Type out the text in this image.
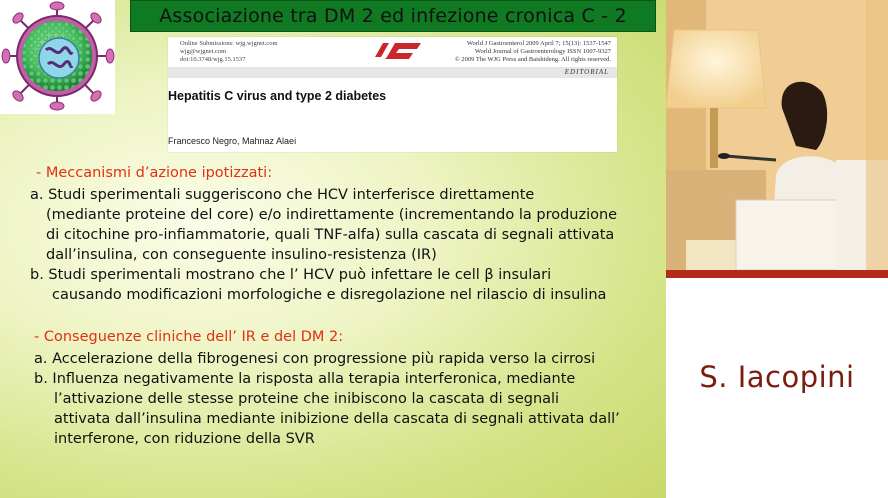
Associazione tra DM 2 ed infezione cronica C - 2
Online Submissions: wjg.wjgnet.com
wjg@wjgnet.com
doi:10.3748/wjg.15.1537
World J Gastroenterol 2009 April 7; 15(13): 1537-1547
World Journal of Gastroenterology ISSN 1007-9327
© 2009 The WJG Press and Baishideng. All rights reserved.
EDITORIAL
Hepatitis C virus and type 2 diabetes
Francesco Negro, Mahnaz Alaei
- Meccanismi d’azione ipotizzati:
a. Studi sperimentali suggeriscono che HCV interferisce direttamente
(mediante proteine del core) e/o indirettamente (incrementando la produzione
di citochine pro-infiammatorie, quali TNF-alfa) sulla cascata di segnali attivata
dall’insulina, con conseguente insulino-resistenza (IR)
b. Studi sperimentali mostrano che l’ HCV può infettare le cell β insulari
causando modificazioni morfologiche e disregolazione nel rilascio di insulina
- Conseguenze cliniche dell’ IR e del DM 2:
a. Accelerazione della fibrogenesi con progressione più rapida verso la cirrosi
b. Influenza negativamente la risposta alla terapia interferonica, mediante
l’attivazione delle stesse proteine che inibiscono la cascata di segnali
attivata dall’insulina mediante inibizione della cascata di segnali attivata dall’
interferone, con riduzione della SVR
S. Iacopini
